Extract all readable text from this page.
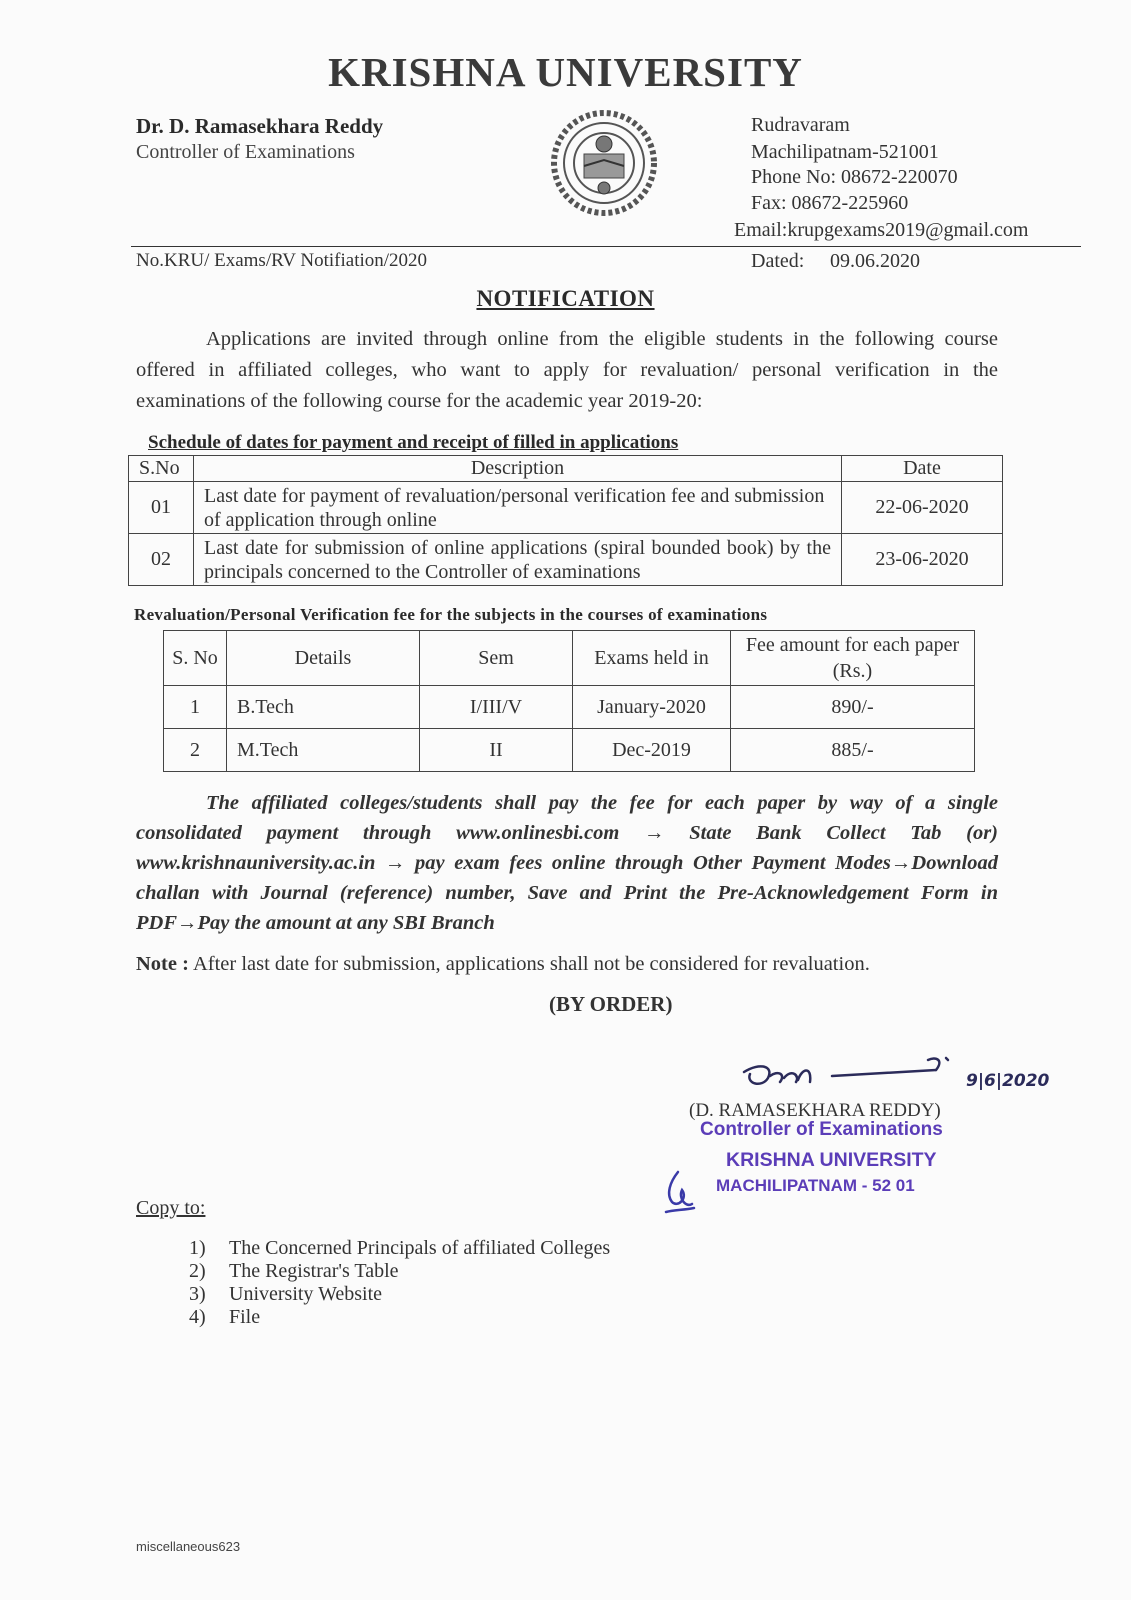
KRISHNA UNIVERSITY
Dr. D. Ramasekhara Reddy
Controller of Examinations
Rudravaram
Machilipatnam-521001
Phone No: 08672-220070
Fax: 08672-225960
Email:krupgexams2019@gmail.com
No.KRU/ Exams/RV Notifiation/2020	Dated: 09.06.2020
NOTIFICATION
Applications are invited through online from the eligible students in the following course offered in affiliated colleges, who want to apply for revaluation/ personal verification in the examinations of the following course for the academic year 2019-20:
Schedule of dates for payment and receipt of filled in applications
S.No	Description	Date
01	Last date for payment of revaluation/personal verification fee and submission of application through online	22-06-2020
02	Last date for submission of online applications (spiral bounded book) by the principals concerned to the Controller of examinations	23-06-2020
Revaluation/Personal Verification fee for the subjects in the courses of examinations
S. No	Details	Sem	Exams held in	Fee amount for each paper (Rs.)
1	B.Tech	I/III/V	January-2020	890/-
2	M.Tech	II	Dec-2019	885/-
The affiliated colleges/students shall pay the fee for each paper by way of a single consolidated payment through www.onlinesbi.com → State Bank Collect Tab (or) www.krishnauniversity.ac.in → pay exam fees online through Other Payment Modes→Download challan with Journal (reference) number, Save and Print the Pre-Acknowledgement Form in PDF→Pay the amount at any SBI Branch
Note : After last date for submission, applications shall not be considered for revaluation.
(BY ORDER)
9|6|2020
(D. RAMASEKHARA REDDY)
Controller of Examinations
KRISHNA UNIVERSITY
MACHILIPATNAM - 52 01
Copy to:
1) The Concerned Principals of affiliated Colleges
2) The Registrar's Table
3) University Website
4) File
miscellaneous623
